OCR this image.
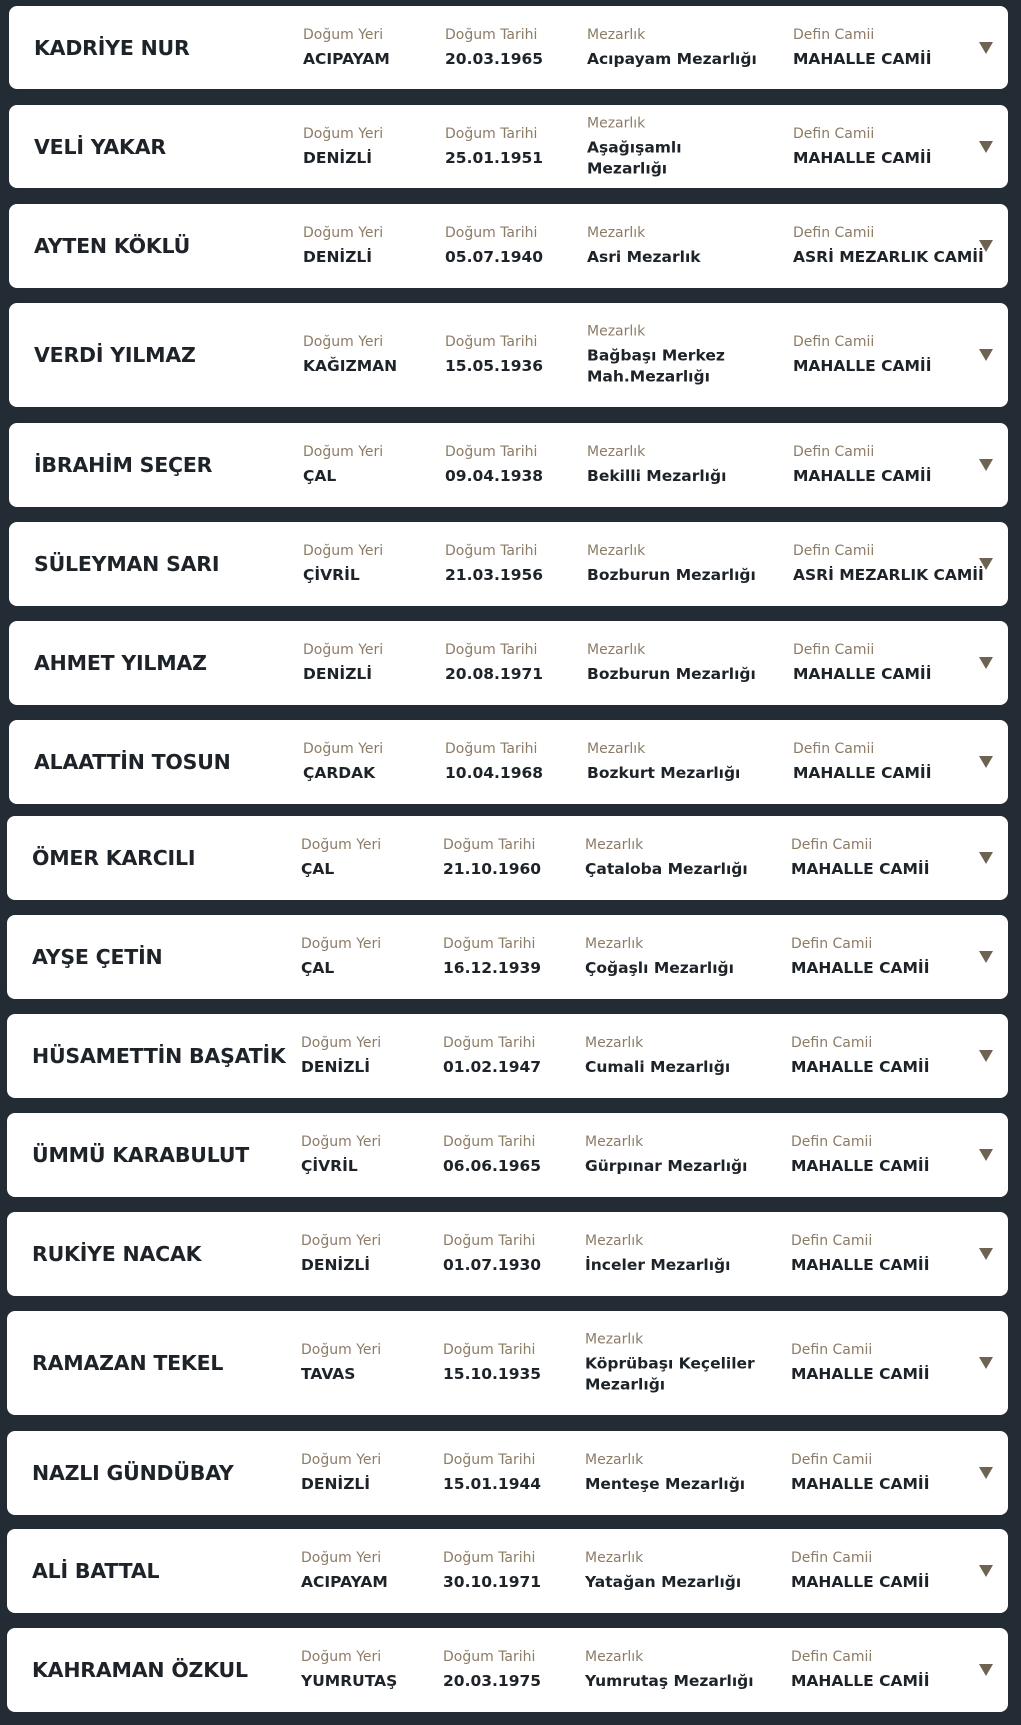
KADRİYE NUR
Doğum Yeri
ACIPAYAM
Doğum Tarihi
20.03.1965
Mezarlık
Acıpayam Mezarlığı
Defin Camii
MAHALLE CAMİİ
VELİ YAKAR
Doğum Yeri
DENİZLİ
Doğum Tarihi
25.01.1951
Mezarlık
Aşağışamlı Mezarlığı
Defin Camii
MAHALLE CAMİİ
AYTEN KÖKLÜ
Doğum Yeri
DENİZLİ
Doğum Tarihi
05.07.1940
Mezarlık
Asri Mezarlık
Defin Camii
ASRİ MEZARLIK CAMİİ
VERDİ YILMAZ
Doğum Yeri
KAĞIZMAN
Doğum Tarihi
15.05.1936
Mezarlık
Bağbaşı Merkez Mah.Mezarlığı
Defin Camii
MAHALLE CAMİİ
İBRAHİM SEÇER
Doğum Yeri
ÇAL
Doğum Tarihi
09.04.1938
Mezarlık
Bekilli Mezarlığı
Defin Camii
MAHALLE CAMİİ
SÜLEYMAN SARI
Doğum Yeri
ÇİVRİL
Doğum Tarihi
21.03.1956
Mezarlık
Bozburun Mezarlığı
Defin Camii
ASRİ MEZARLIK CAMİİ
AHMET YILMAZ
Doğum Yeri
DENİZLİ
Doğum Tarihi
20.08.1971
Mezarlık
Bozburun Mezarlığı
Defin Camii
MAHALLE CAMİİ
ALAATTİN TOSUN
Doğum Yeri
ÇARDAK
Doğum Tarihi
10.04.1968
Mezarlık
Bozkurt Mezarlığı
Defin Camii
MAHALLE CAMİİ
ÖMER KARCILI
Doğum Yeri
ÇAL
Doğum Tarihi
21.10.1960
Mezarlık
Çataloba Mezarlığı
Defin Camii
MAHALLE CAMİİ
AYŞE ÇETİN
Doğum Yeri
ÇAL
Doğum Tarihi
16.12.1939
Mezarlık
Çoğaşlı Mezarlığı
Defin Camii
MAHALLE CAMİİ
HÜSAMETTİN BAŞATİK
Doğum Yeri
DENİZLİ
Doğum Tarihi
01.02.1947
Mezarlık
Cumali Mezarlığı
Defin Camii
MAHALLE CAMİİ
ÜMMÜ KARABULUT
Doğum Yeri
ÇİVRİL
Doğum Tarihi
06.06.1965
Mezarlık
Gürpınar Mezarlığı
Defin Camii
MAHALLE CAMİİ
RUKİYE NACAK
Doğum Yeri
DENİZLİ
Doğum Tarihi
01.07.1930
Mezarlık
İnceler Mezarlığı
Defin Camii
MAHALLE CAMİİ
RAMAZAN TEKEL
Doğum Yeri
TAVAS
Doğum Tarihi
15.10.1935
Mezarlık
Köprübaşı Keçeliler Mezarlığı
Defin Camii
MAHALLE CAMİİ
NAZLI GÜNDÜBAY
Doğum Yeri
DENİZLİ
Doğum Tarihi
15.01.1944
Mezarlık
Menteşe Mezarlığı
Defin Camii
MAHALLE CAMİİ
ALİ BATTAL
Doğum Yeri
ACIPAYAM
Doğum Tarihi
30.10.1971
Mezarlık
Yatağan Mezarlığı
Defin Camii
MAHALLE CAMİİ
KAHRAMAN ÖZKUL
Doğum Yeri
YUMRUTAŞ
Doğum Tarihi
20.03.1975
Mezarlık
Yumrutaş Mezarlığı
Defin Camii
MAHALLE CAMİİ
